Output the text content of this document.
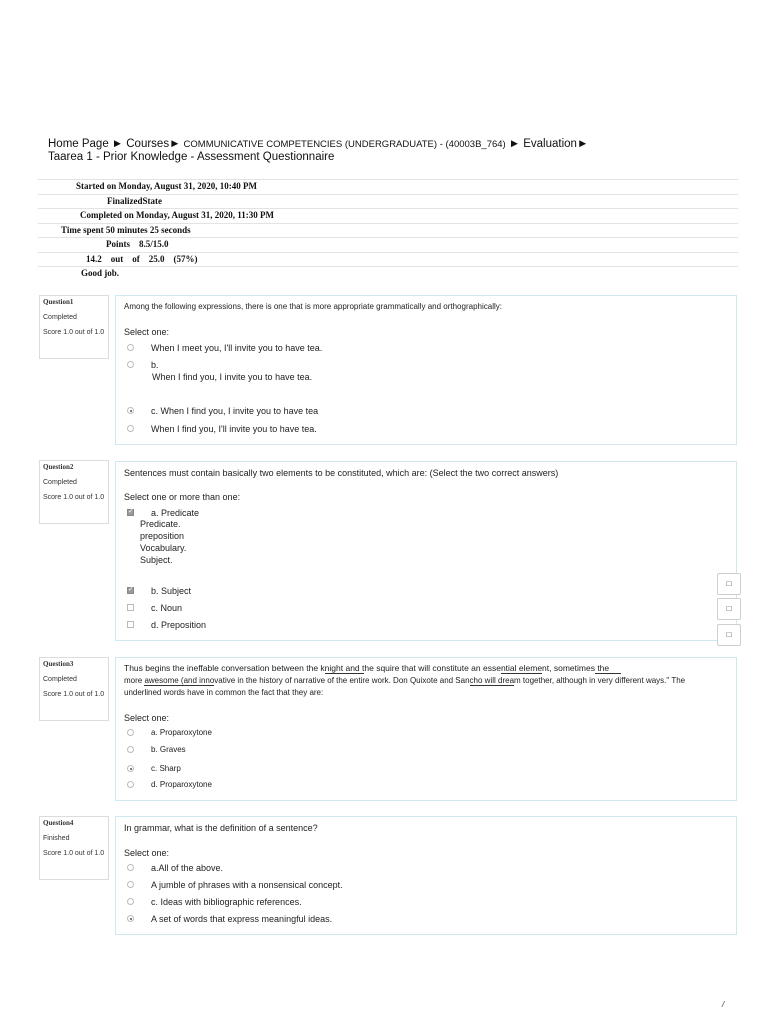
Home Page ► Courses► COMMUNICATIVE COMPETENCIES (UNDERGRADUATE) - (40003B_764) ► Evaluation►
Taarea 1 - Prior Knowledge - Assessment Questionnaire
Started on Monday, August 31, 2020, 10:40 PM
FinalizedState
Completed on Monday, August 31, 2020, 11:30 PM
Time spent 50 minutes 25 seconds
Points    8.5/15.0
14.2    out    of    25.0    (57%)
Good job.
Question1
Completed
Score 1.0 out of 1.0
Among the following expressions, there is one that is more appropriate grammatically and orthographically:
Select one:
When I meet you, I'll invite you to have tea.
b.
When I find you, I invite you to have tea.
c. When I find you, I invite you to have tea
When I find you, I'll invite you to have tea.
Question2
Completed
Score 1.0 out of 1.0
Sentences must contain basically two elements to be constituted, which are: (Select the two correct answers)
Select one or more than one:
✓
a. Predicate
Predicate.
preposition
Vocabulary.
Subject.
✓
b. Subject
c. Noun
d. Preposition
□
□
□
Question3
Completed
Score 1.0 out of 1.0
Thus begins the ineffable conversation between the knight and the squire that will constitute an essential element, sometimes the
more awesome (and innovative in the history of narrative of the entire work. Don Quixote and Sancho will dream together, although in very different ways." The
underlined words have in common the fact that they are:
Select one:
a. Proparoxytone
b. Graves
c. Sharp
d. Proparoxytone
Question4
Finished
Score 1.0 out of 1.0
In grammar, what is the definition of a sentence?
Select one:
a.All of the above.
A jumble of phrases with a nonsensical concept.
c. Ideas with bibliographic references.
A set of words that express meaningful ideas.
/
